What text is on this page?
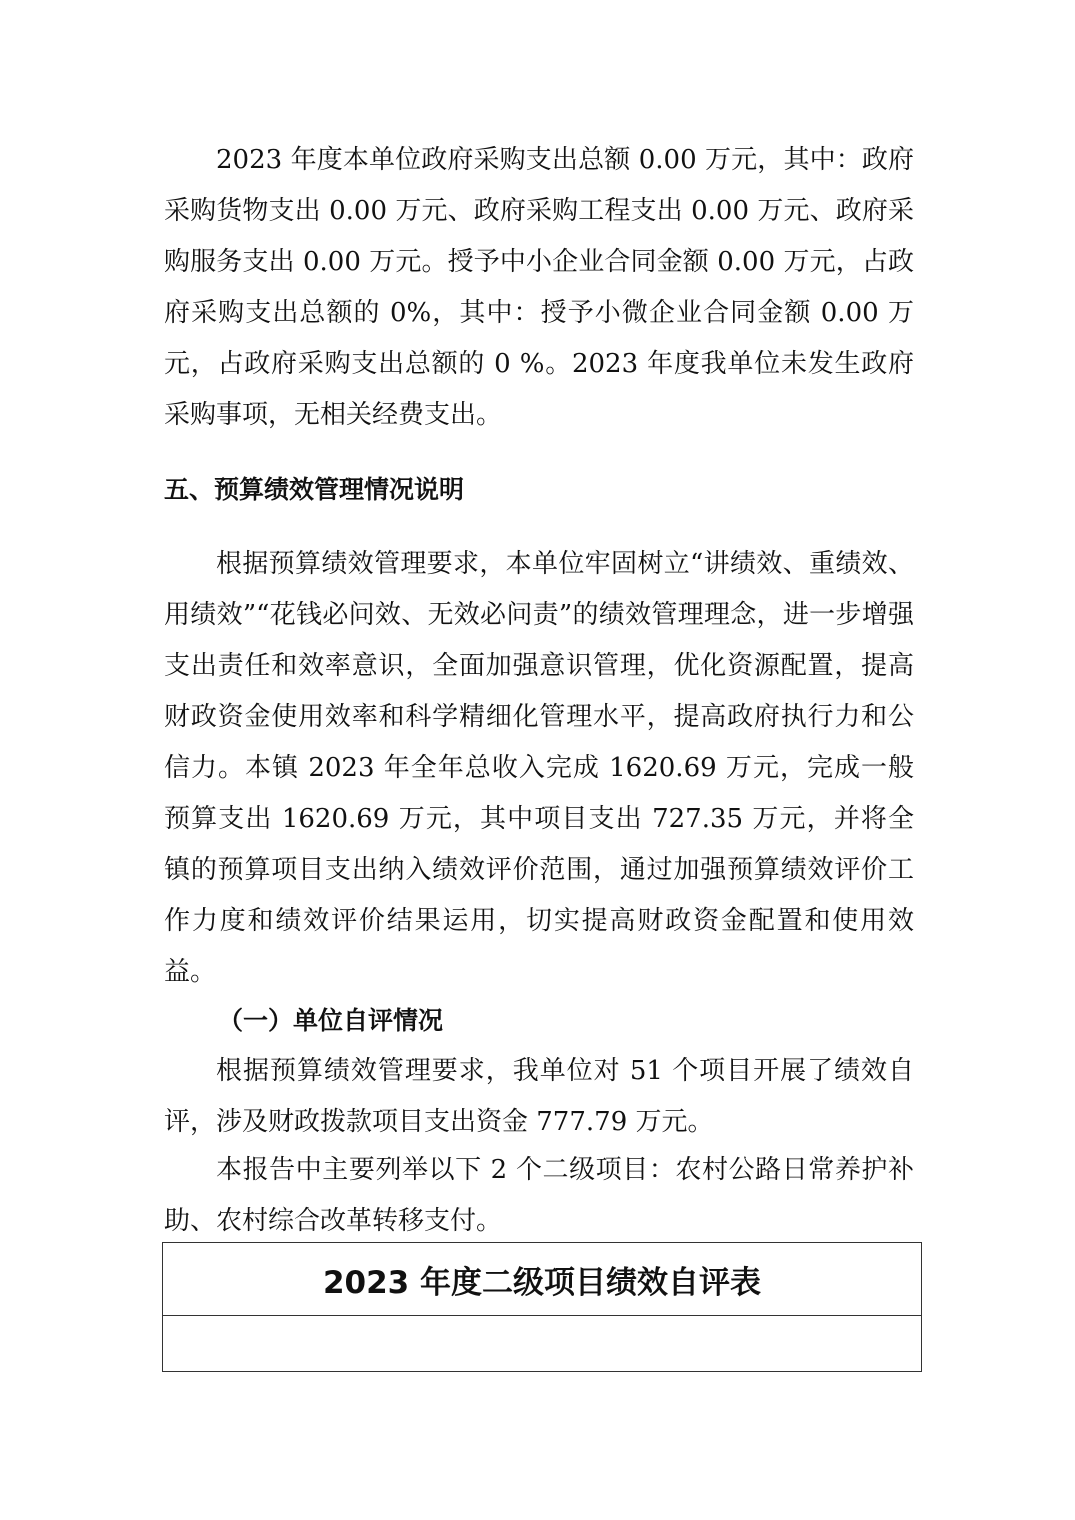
2023 年度本单位政府采购支出总额 0.00 万元，其中：政府采购货物支出 0.00 万元、政府采购工程支出 0.00 万元、政府采购服务支出 0.00 万元。授予中小企业合同金额 0.00 万元，占政府采购支出总额的 0%，其中：授予小微企业合同金额 0.00 万元，占政府采购支出总额的 0 %。2023 年度我单位未发生政府采购事项，无相关经费支出。

五、预算绩效管理情况说明

根据预算绩效管理要求，本单位牢固树立“讲绩效、重绩效、用绩效”“花钱必问效、无效必问责”的绩效管理理念，进一步增强支出责任和效率意识，全面加强意识管理，优化资源配置，提高财政资金使用效率和科学精细化管理水平，提高政府执行力和公信力。本镇 2023 年全年总收入完成 1620.69 万元，完成一般预算支出 1620.69 万元，其中项目支出 727.35 万元，并将全镇的预算项目支出纳入绩效评价范围，通过加强预算绩效评价工作力度和绩效评价结果运用，切实提高财政资金配置和使用效益。

（一）单位自评情况

根据预算绩效管理要求，我单位对 51 个项目开展了绩效自评，涉及财政拨款项目支出资金 777.79 万元。

本报告中主要列举以下 2 个二级项目：农村公路日常养护补助、农村综合改革转移支付。

2023 年度二级项目绩效自评表
